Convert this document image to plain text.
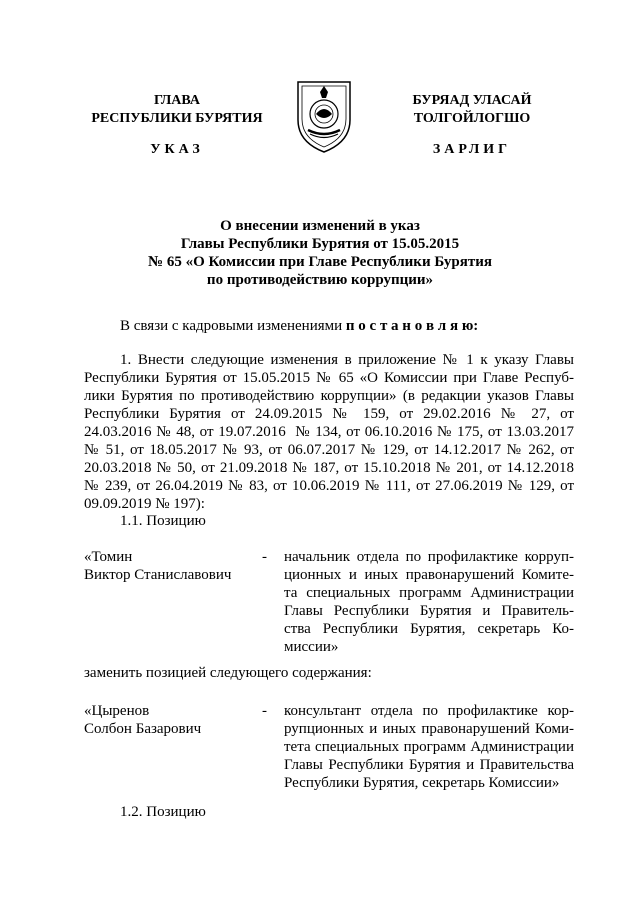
ГЛАВА
РЕСПУБЛИКИ БУРЯТИЯ
БУРЯАД УЛАСАЙ
ТОЛГОЙЛОГШО
УКАЗ	ЗАРЛИГ
О внесении изменений в указ
Главы Республики Бурятия от 15.05.2015
№ 65 «О Комиссии при Главе Республики Бурятия
по противодействию коррупции»
В связи с кадровыми изменениями п о с т а н о в л я ю:
1. Внести следующие изменения в приложение № 1 к указу Главы
Республики Бурятия от 15.05.2015 № 65 «О Комиссии при Главе Респуб-
лики Бурятия по противодействию коррупции» (в редакции указов Главы
Республики Бурятия от 24.09.2015 № 159, от 29.02.2016 № 27, от
24.03.2016 № 48, от 19.07.2016  № 134, от 06.10.2016 № 175, от 13.03.2017
№ 51, от 18.05.2017 № 93, от 06.07.2017 № 129, от 14.12.2017 № 262, от
20.03.2018 № 50, от 21.09.2018 № 187, от 15.10.2018 № 201, от 14.12.2018
№ 239, от 26.04.2019 № 83, от 10.06.2019 № 111, от 27.06.2019 № 129, от
09.09.2019 № 197):
1.1. Позицию
«Томин
Виктор Станиславович
-	начальник отдела по профилактике корруп-
ционных и иных правонарушений Комите-
та специальных программ Администрации
Главы Республики Бурятия и Правитель-
ства Республики Бурятия, секретарь Ко-
миссии»
заменить позицией следующего содержания:
«Цыренов
Солбон Базарович
-	консультант отдела по профилактике кор-
рупционных и иных правонарушений Коми-
тета специальных программ Администрации
Главы Республики Бурятия и Правительства
Республики Бурятия, секретарь Комиссии»
1.2. Позицию
